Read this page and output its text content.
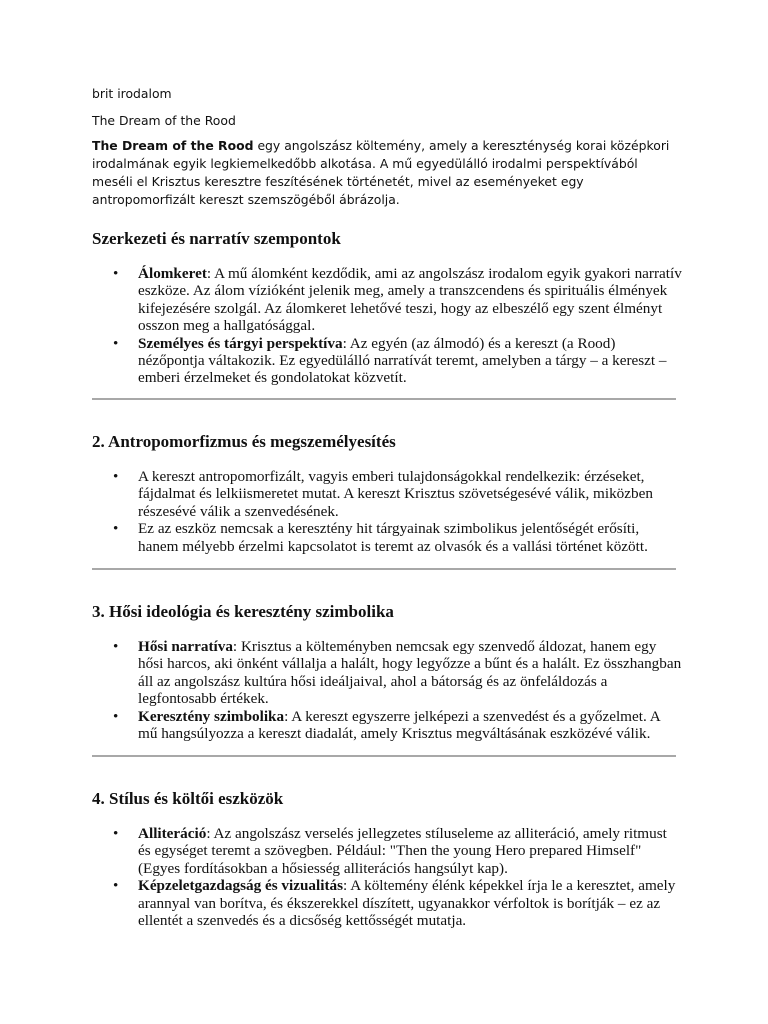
brit irodalom

The Dream of the Rood

The Dream of the Rood egy angolszász költemény, amely a kereszténység korai középkori irodalmának egyik legkiemelkedőbb alkotása. A mű egyedülálló irodalmi perspektívából meséli el Krisztus keresztre feszítésének történetét, mivel az eseményeket egy antropomorfizált kereszt szemszögéből ábrázolja.

Szerkezeti és narratív szempontok
• Álomkeret: A mű álomként kezdődik, ami az angolszász irodalom egyik gyakori narratív eszköze. Az álom vízióként jelenik meg, amely a transzcendens és spirituális élmények kifejezésére szolgál. Az álomkeret lehetővé teszi, hogy az elbeszélő egy szent élményt osszon meg a hallgatósággal.
• Személyes és tárgyi perspektíva: Az egyén (az álmodó) és a kereszt (a Rood) nézőpontja váltakozik. Ez egyedülálló narratívát teremt, amelyben a tárgy – a kereszt – emberi érzelmeket és gondolatokat közvetít.
2. Antropomorfizmus és megszemélyesítés
• A kereszt antropomorfizált, vagyis emberi tulajdonságokkal rendelkezik: érzéseket, fájdalmat és lelkiismeretet mutat. A kereszt Krisztus szövetségesévé válik, miközben részesévé válik a szenvedésének.
• Ez az eszköz nemcsak a keresztény hit tárgyainak szimbolikus jelentőségét erősíti, hanem mélyebb érzelmi kapcsolatot is teremt az olvasók és a vallási történet között.
3. Hősi ideológia és keresztény szimbolika
• Hősi narratíva: Krisztus a költeményben nemcsak egy szenvedő áldozat, hanem egy hősi harcos, aki önként vállalja a halált, hogy legyőzze a bűnt és a halált. Ez összhangban áll az angolszász kultúra hősi ideáljaival, ahol a bátorság és az önfeláldozás a legfontosabb értékek.
• Keresztény szimbolika: A kereszt egyszerre jelképezi a szenvedést és a győzelmet. A mű hangsúlyozza a kereszt diadalát, amely Krisztus megváltásának eszközévé válik.
4. Stílus és költői eszközök
• Alliteráció: Az angolszász verselés jellegzetes stíluseleme az alliteráció, amely ritmust és egységet teremt a szövegben. Például: "Then the young Hero prepared Himself" (Egyes fordításokban a hősiesség alliterációs hangsúlyt kap).
• Képzeletgazdagság és vizualitás: A költemény élénk képekkel írja le a keresztet, amely arannyal van borítva, és ékszerekkel díszített, ugyanakkor vérfoltok is borítják – ez az ellentét a szenvedés és a dicsőség kettősségét mutatja.
